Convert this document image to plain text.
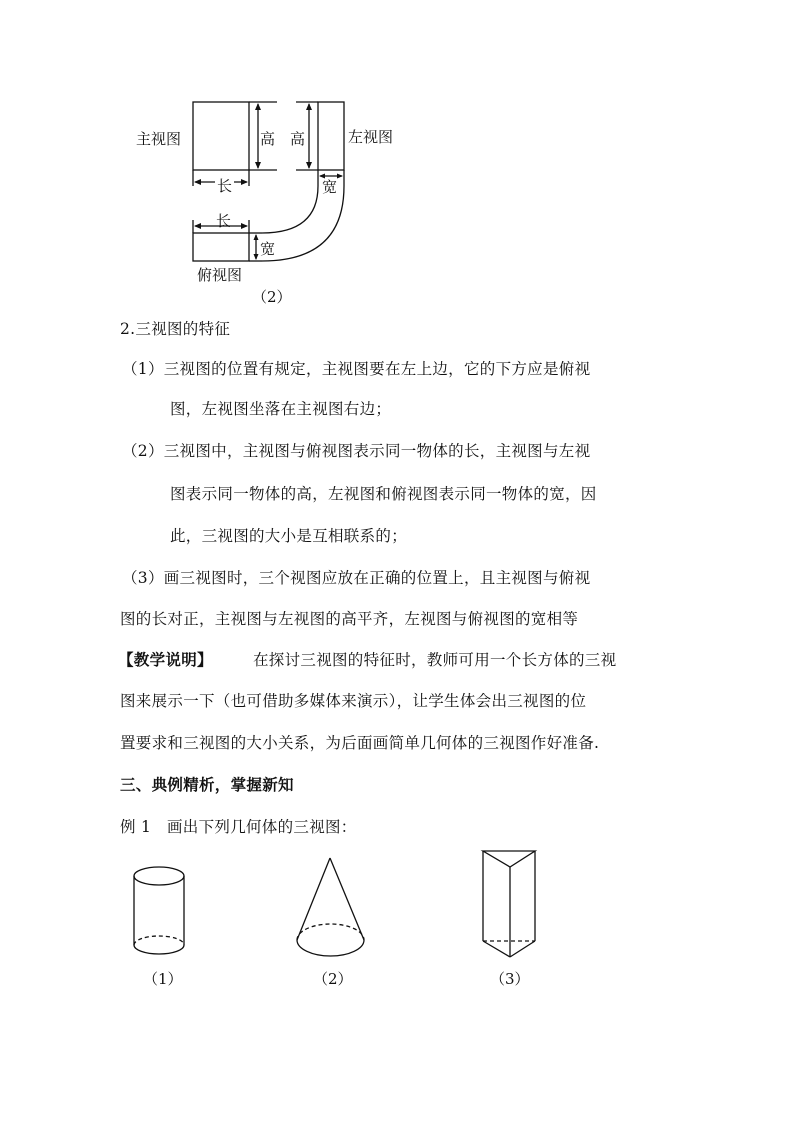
主视图	左视图
俯视图
高 高
长
长
宽
宽
（2）
2.三视图的特征
（1）三视图的位置有规定，主视图要在左上边，它的下方应是俯视
图，左视图坐落在主视图右边；
（2）三视图中，主视图与俯视图表示同一物体的长，主视图与左视
图表示同一物体的高，左视图和俯视图表示同一物体的宽，因
此，三视图的大小是互相联系的；
（3）画三视图时，三个视图应放在正确的位置上，且主视图与俯视
图的长对正，主视图与左视图的高平齐，左视图与俯视图的宽相等
【教学说明】	在探讨三视图的特征时，教师可用一个长方体的三视
图来展示一下（也可借助多媒体来演示），让学生体会出三视图的位
置要求和三视图的大小关系，为后面画简单几何体的三视图作好准备.
三、典例精析，掌握新知
例 1　画出下列几何体的三视图：
（1）	（2）	（3）
